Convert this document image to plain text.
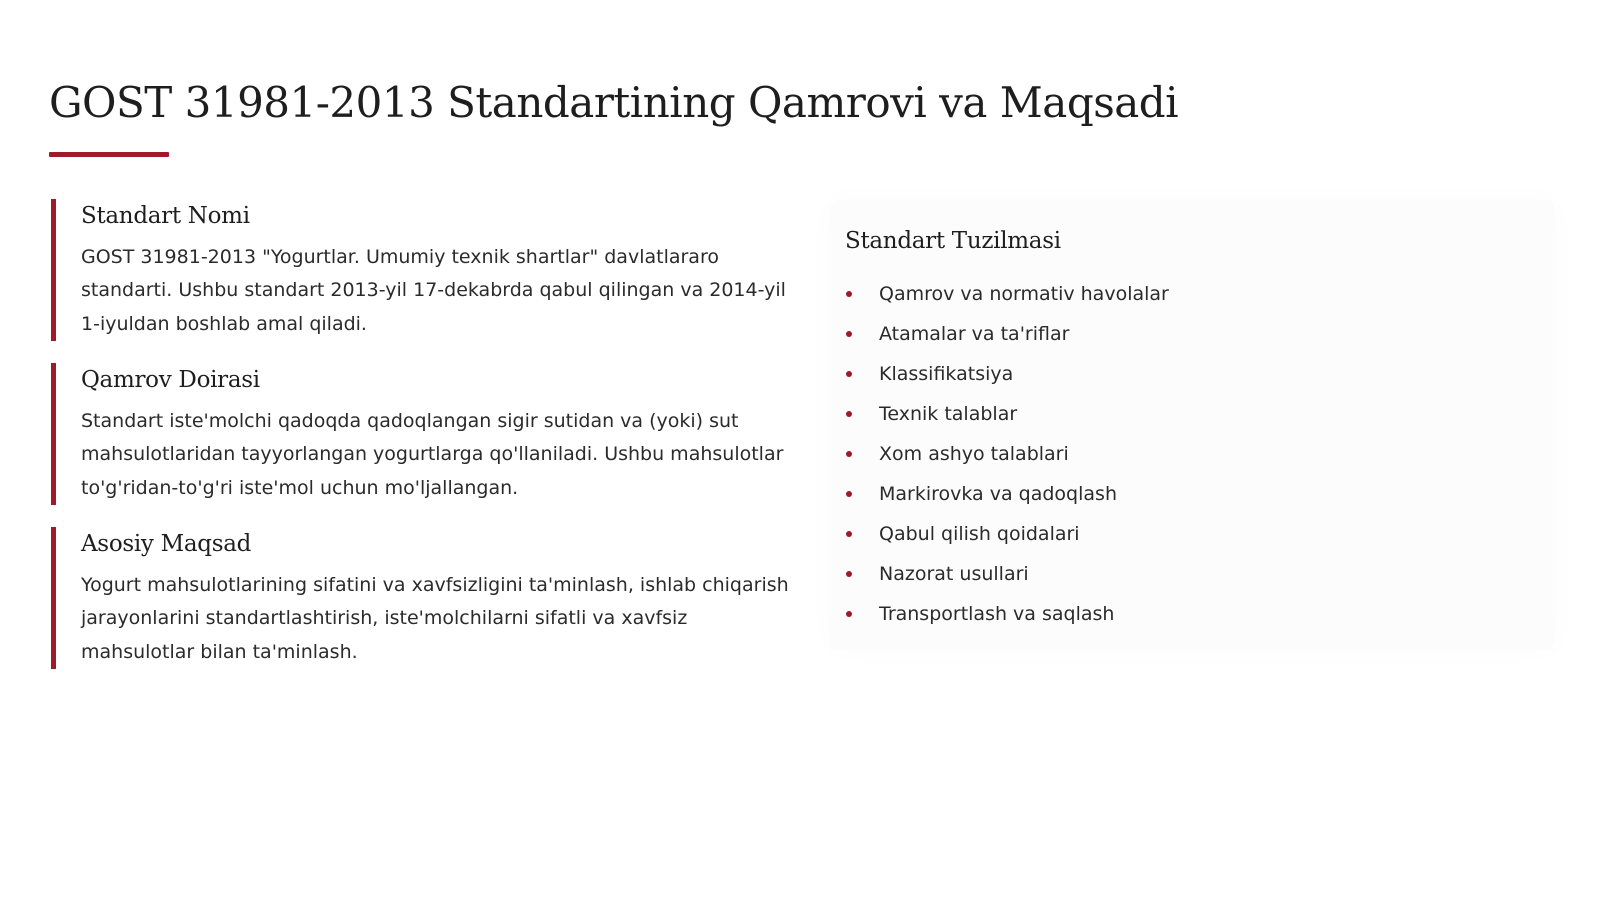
GOST 31981-2013 Standartining Qamrovi va Maqsadi
Standart Nomi

GOST 31981-2013 "Yogurtlar. Umumiy texnik shartlar" davlatlararo standarti. Ushbu standart 2013-yil 17-dekabrda qabul qilingan va 2014-yil 1-iyuldan boshlab amal qiladi.

Qamrov Doirasi

Standart iste'molchi qadoqda qadoqlangan sigir sutidan va (yoki) sut mahsulotlaridan tayyorlangan yogurtlarga qo'llaniladi. Ushbu mahsulotlar to'g'ridan-to'g'ri iste'mol uchun mo'ljallangan.

Asosiy Maqsad

Yogurt mahsulotlarining sifatini va xavfsizligini ta'minlash, ishlab chiqarish jarayonlarini standartlashtirish, iste'molchilarni sifatli va xavfsiz mahsulotlar bilan ta'minlash.

Standart Tuzilmasi
Qamrov va normativ havolalar
Atamalar va ta'riflar
Klassifikatsiya
Texnik talablar
Xom ashyo talablari
Markirovka va qadoqlash
Qabul qilish qoidalari
Nazorat usullari
Transportlash va saqlash
